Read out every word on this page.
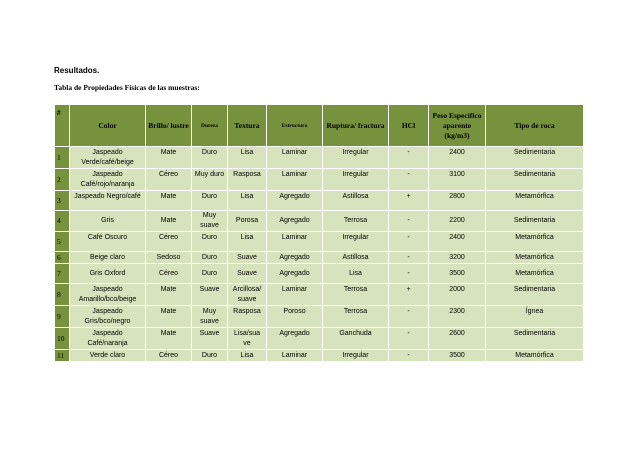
Resultados.
Tabla de Propiedades Físicas de las muestras:
#	Color	Brillo/ lustre	Dureza	Textura	Estructura	Ruptura/ fractura	HCl	Peso Específico aparente (kg/m3)	Tipo de roca
1	Jaspeado Verde/café/beige	Mate	Duro	Lisa	Laminar	Irregular	-	2400	Sedimentaria
2	Jaspeado Café/rojo/naranja	Céreo	Muy duro	Rasposa	Laminar	Irregular	-	3100	Sedimentaria
3	Jaspeado Negro/café	Mate	Duro	Lisa	Agregado	Astillosa	+	2800	Metamórfica
4	Gris	Mate	Muy suave	Porosa	Agregado	Terrosa	-	2200	Sedimentaria
5	Café Oscuro	Céreo	Duro	Lisa	Laminar	Irregular	-	2400	Metamórfica
6	Beige claro	Sedoso	Duro	Suave	Agregado	Astillosa	-	3200	Metamórfica
7	Gris Oxford	Céreo	Duro	Suave	Agregado	Lisa	-	3500	Metamórfica
8	Jaspeado Amarillo/bco/beige	Mate	Suave	Arcillosa/ suave	Laminar	Terrosa	+	2000	Sedimentaria
9	Jaspeado Gris/bco/negro	Mate	Muy suave	Rasposa	Poroso	Terrosa	-	2300	Ígnea
10	Jaspeado Café/naranja	Mate	Suave	Lisa/sua ve	Agregado	Ganchuda	-	2600	Sedimentaria
11	Verde claro	Céreo	Duro	Lisa	Laminar	Irregular	-	3500	Metamórfica
